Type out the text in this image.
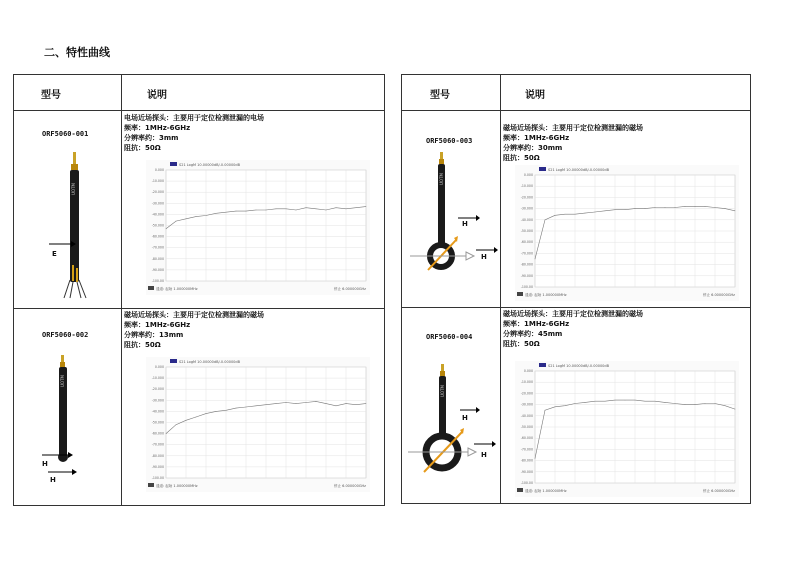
二、特性曲线
型号	说明
ORF5060-001
电场近场探头：主要用于定位检测泄漏的电场
频率：1MHz-6GHz
分辨率约：3mm
阻抗：50Ω
UOTM
E
S21 LogM 10.00000dB/-0.00000dB
0.000
-10.000
-20.000
-30.000
-40.000
-50.000
-60.000
-70.000
-80.000
-90.000
-100.00
通道: 起始 1.000000MHz	停止 6.000000GHz
ORF5060-002
磁场近场探头：主要用于定位检测泄漏的磁场
频率：1MHz-6GHz
分辨率约：13mm
阻抗：50Ω
UOTM
H
H
S21 LogM 10.00000dB/-0.00000dB
0.000
-10.000
-20.000
-30.000
-40.000
-50.000
-60.000
-70.000
-80.000
-90.000
-100.00
通道: 起始 1.000000MHz	停止 6.000000GHz
型号	说明
ORF5060-003
磁场近场探头：主要用于定位检测泄漏的磁场
频率：1MHz-6GHz
分辨率约：30mm
阻抗：50Ω
UOTM
H
H
S21 LogM 10.00000dB/-0.00000dB
0.000
-10.000
-20.000
-30.000
-40.000
-50.000
-60.000
-70.000
-80.000
-90.000
-100.00
通道: 起始 1.000000MHz	停止 6.000000GHz
ORF5060-004
磁场近场探头：主要用于定位检测泄漏的磁场
频率：1MHz-6GHz
分辨率约：45mm
阻抗：50Ω
UOTM
H
H
S21 LogM 10.00000dB/-0.00000dB
0.000
-10.000
-20.000
-30.000
-40.000
-50.000
-60.000
-70.000
-80.000
-90.000
-100.00
通道: 起始 1.000000MHz	停止 6.000000GHz
